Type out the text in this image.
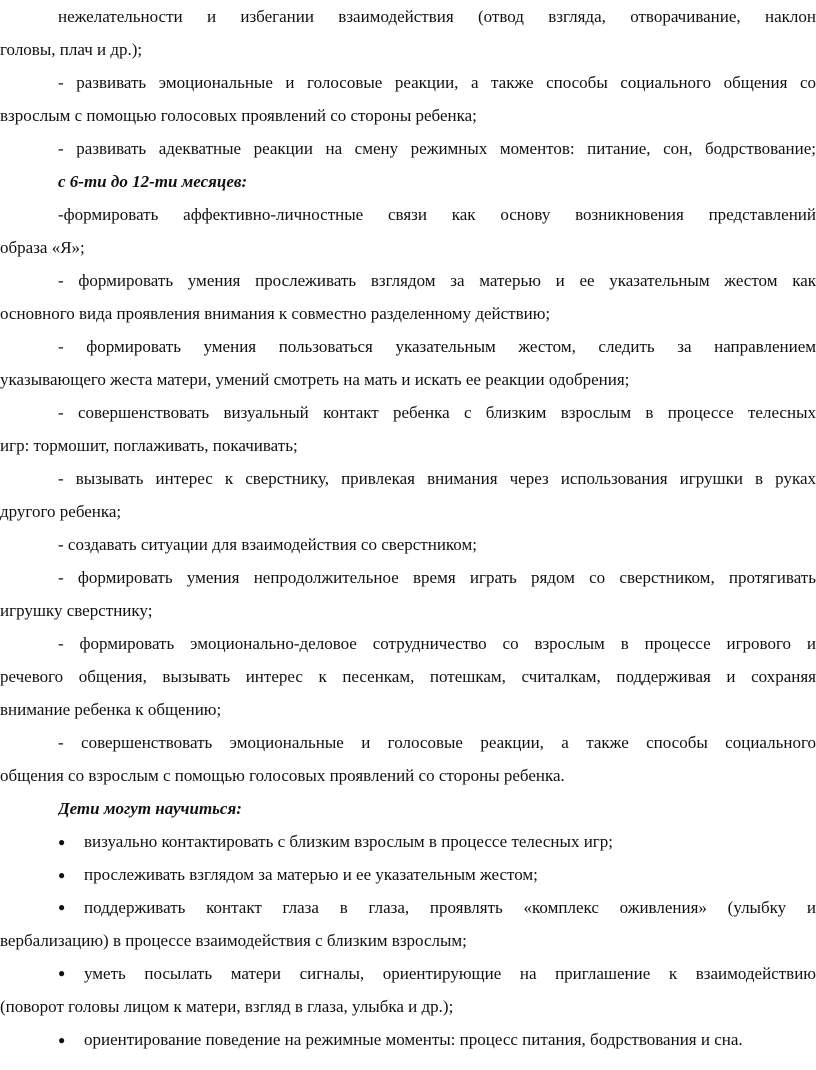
нежелательности и избегании взаимодействия (отвод взгляда, отворачивание, наклон
головы, плач и др.);
- развивать эмоциональные и голосовые реакции, а также способы социального общения со
взрослым с помощью голосовых проявлений со стороны ребенка;
- развивать адекватные реакции на смену режимных моментов: питание, сон, бодрствование;
с 6-ти до 12-ти месяцев:
-формировать аффективно-личностные связи как основу возникновения представлений
образа «Я»;
- формировать умения прослеживать взглядом за матерью и ее указательным жестом как
основного вида проявления внимания к совместно разделенному действию;
- формировать умения пользоваться указательным жестом, следить за направлением
указывающего жеста матери, умений смотреть на мать и искать ее реакции одобрения;
- совершенствовать визуальный контакт ребенка с близким взрослым в процессе телесных
игр: тормошит, поглаживать, покачивать;
- вызывать интерес к сверстнику, привлекая внимания через использования игрушки в руках
другого ребенка;
- создавать ситуации для взаимодействия со сверстником;
- формировать умения непродолжительное время играть рядом со сверстником, протягивать
игрушку сверстнику;
- формировать эмоционально-деловое сотрудничество со взрослым в процессе игрового и
речевого общения, вызывать интерес к песенкам, потешкам, считалкам, поддерживая и сохраняя
внимание ребенка к общению;
- совершенствовать эмоциональные и голосовые реакции, а также способы социального
общения со взрослым с помощью голосовых проявлений со стороны ребенка.
Дети могут научиться:
● визуально контактировать с близким взрослым в процессе телесных игр;
● прослеживать взглядом за матерью и ее указательным жестом;
●	поддерживать контакт глаза в глаза, проявлять «комплекс оживления» (улыбку и
вербализацию) в процессе взаимодействия с близким взрослым;
●	уметь посылать матери сигналы, ориентирующие на приглашение к взаимодействию
(поворот головы лицом к матери, взгляд в глаза, улыбка и др.);
● ориентирование поведение на режимные моменты: процесс питания, бодрствования и сна.
